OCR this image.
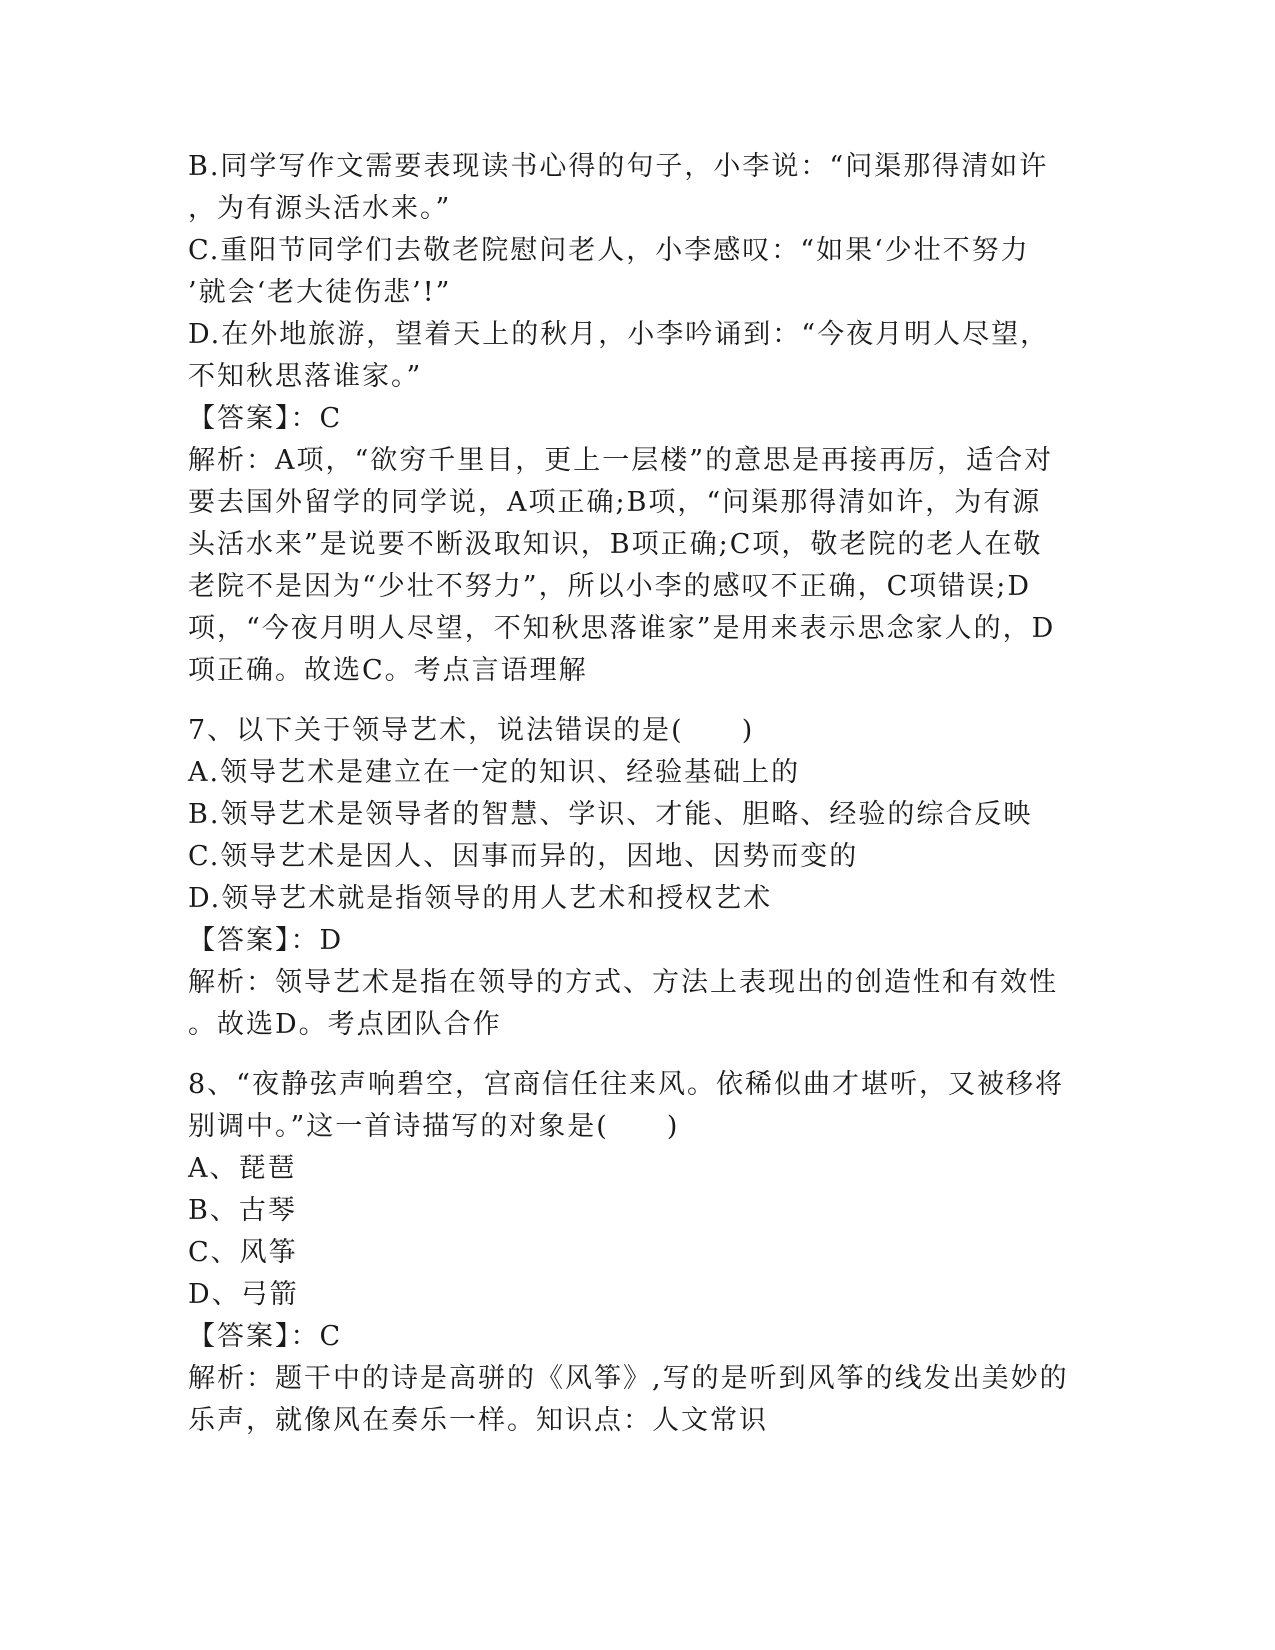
B.同学写作文需要表现读书心得的句子，小李说：“问渠那得清如许
，为有源头活水来。”
C.重阳节同学们去敬老院慰问老人，小李感叹：“如果‘少壮不努力
’就会‘老大徒伤悲’!”
D.在外地旅游，望着天上的秋月，小李吟诵到：“今夜月明人尽望，
不知秋思落谁家。”
【答案】：C
解析：A项，“欲穷千里目，更上一层楼”的意思是再接再厉，适合对
要去国外留学的同学说，A项正确;B项，“问渠那得清如许，为有源
头活水来”是说要不断汲取知识，B项正确;C项，敬老院的老人在敬
老院不是因为“少壮不努力”，所以小李的感叹不正确，C项错误;D
项，“今夜月明人尽望，不知秋思落谁家”是用来表示思念家人的，D
项正确。故选C。考点言语理解
7、以下关于领导艺术，说法错误的是(　　)
A.领导艺术是建立在一定的知识、经验基础上的
B.领导艺术是领导者的智慧、学识、才能、胆略、经验的综合反映
C.领导艺术是因人、因事而异的，因地、因势而变的
D.领导艺术就是指领导的用人艺术和授权艺术
【答案】：D
解析：领导艺术是指在领导的方式、方法上表现出的创造性和有效性
。故选D。考点团队合作
8、“夜静弦声响碧空，宫商信任往来风。依稀似曲才堪听，又被移将
别调中。”这一首诗描写的对象是(　　)
A、琵琶
B、古琴
C、风筝
D、弓箭
【答案】：C
解析：题干中的诗是高骈的《风筝》,写的是听到风筝的线发出美妙的
乐声，就像风在奏乐一样。知识点：人文常识
